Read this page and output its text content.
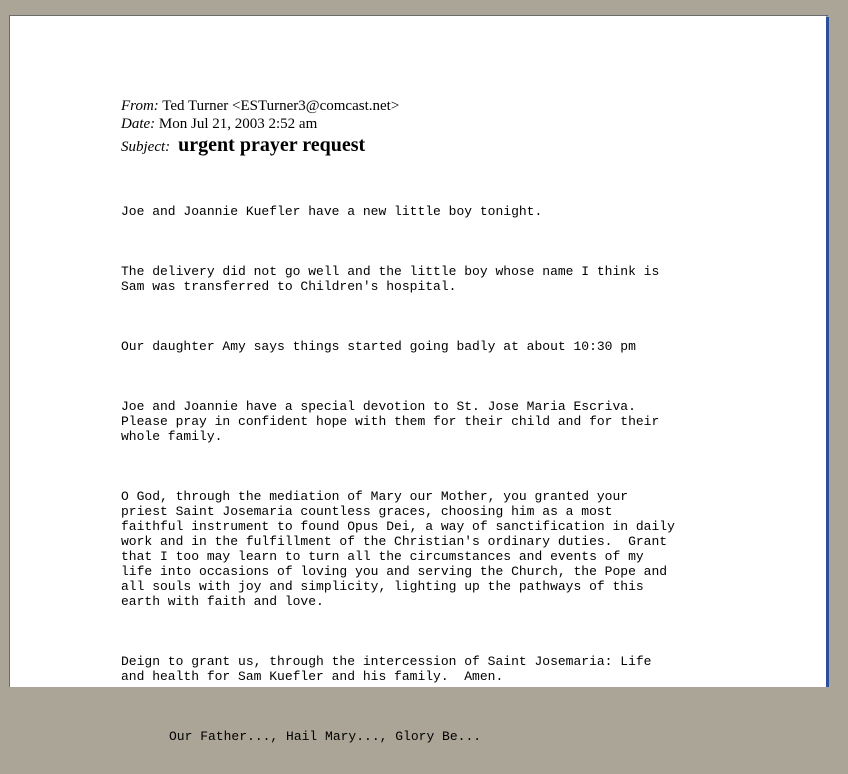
From: Ted Turner <ESTurner3@comcast.net>
Date: Mon Jul 21, 2003 2:52 am
Subject: urgent prayer request

Joe and Joannie Kuefler have a new little boy tonight.

The delivery did not go well and the little boy whose name I think is
Sam was transferred to Children's hospital.

Our daughter Amy says things started going badly at about 10:30 pm

Joe and Joannie have a special devotion to St. Jose Maria Escriva.
Please pray in confident hope with them for their child and for their
whole family.

O God, through the mediation of Mary our Mother, you granted your
priest Saint Josemaria countless graces, choosing him as a most
faithful instrument to found Opus Dei, a way of sanctification in daily
work and in the fulfillment of the Christian's ordinary duties.  Grant
that I too may learn to turn all the circumstances and events of my
life into occasions of loving you and serving the Church, the Pope and
all souls with joy and simplicity, lighting up the pathways of this
earth with faith and love.

Deign to grant us, through the intercession of Saint Josemaria: Life
and health for Sam Kuefler and his family.  Amen.

Our Father..., Hail Mary..., Glory Be...
